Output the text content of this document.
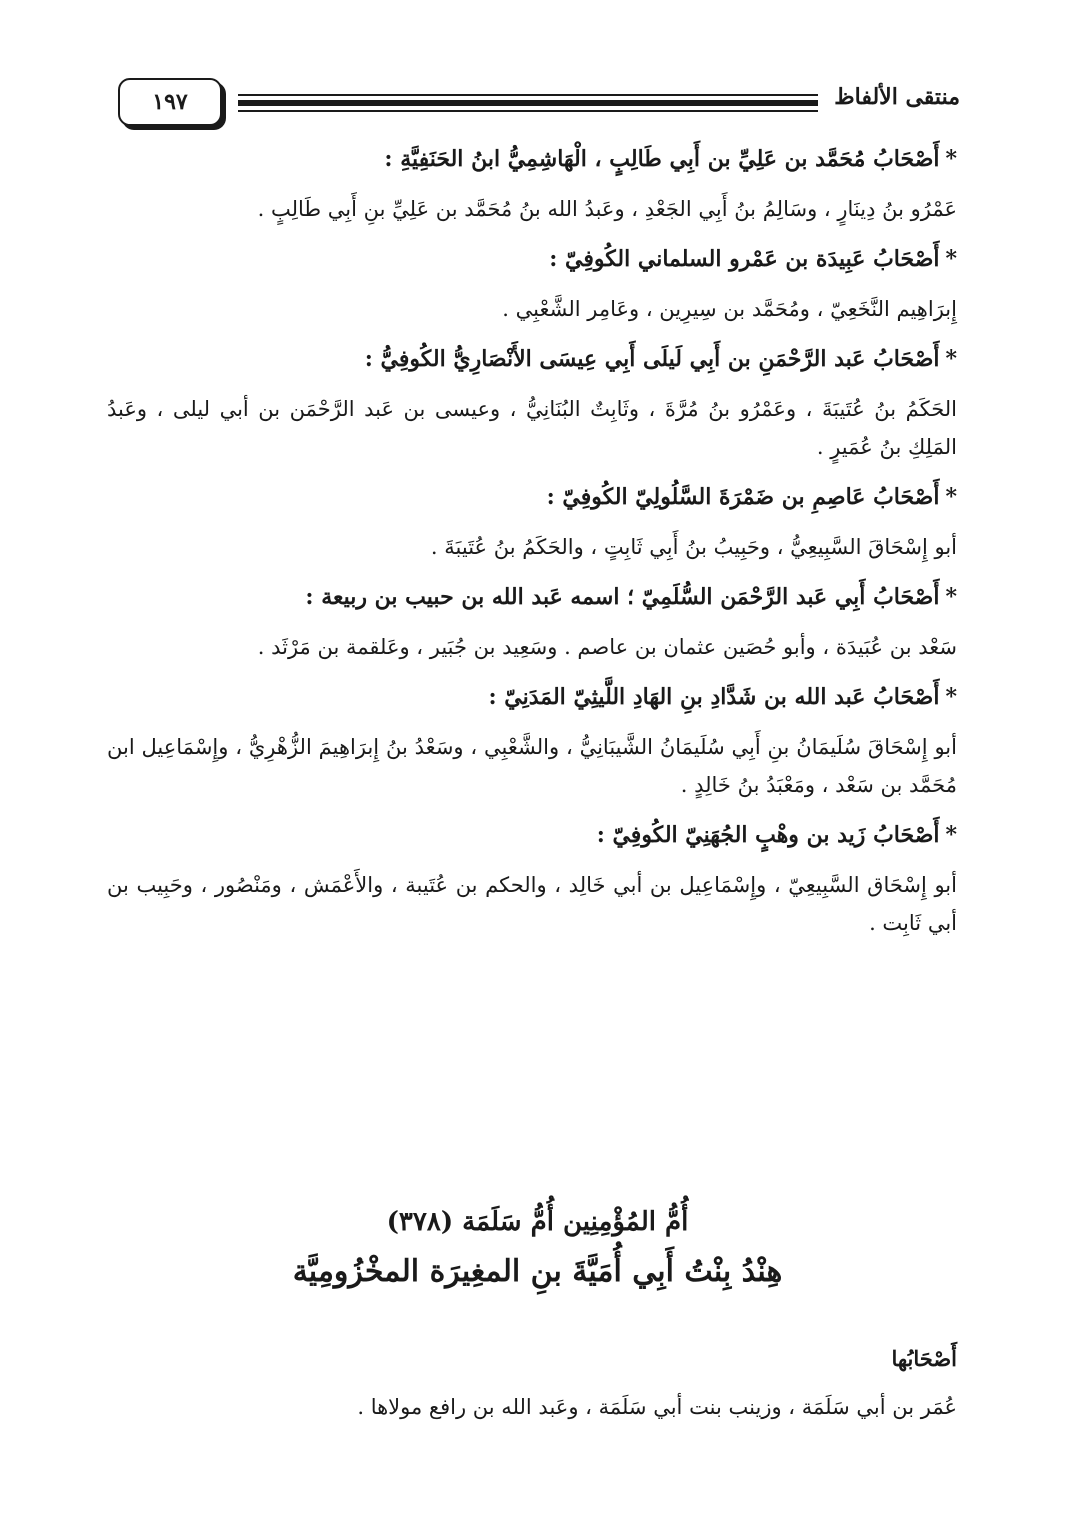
١٩٧	منتقى الألفاظ
*أَصْحَابُ مُحَمَّد بن عَلِيِّ بن أَبِي طَالِبٍ ، الْهَاشِمِيُّ ابنُ الحَنَفِيَّةِ :
عَمْرُو بنُ دِينَارٍ ، وسَالِمُ بنُ أَبِي الجَعْدِ ، وعَبدُ الله بنُ مُحَمَّد بن عَلِيِّ بنِ أَبِي طَالِبٍ .
*أَصْحَابُ عَبِيدَة بن عَمْرو السلماني الكُوفِيّ :
إِبرَاهِيم النَّخَعِيّ ، ومُحَمَّد بن سِيرِين ، وعَامِر الشَّعْبِي .
*أَصْحَابُ عَبد الرَّحْمَنِ بن أَبِي لَيلَى أَبِي عِيسَى الأَنْصَارِيُّ الكُوفِيُّ :
الحَكَمُ بنُ عُتَيبَةَ ، وعَمْرُو بنُ مُرَّةَ ، وثَابِتٌ البُنَانِيُّ ، وعيسى بن عَبد الرَّحْمَن بن أبي ليلى ، وعَبدُ المَلِكِ بنُ عُمَيرٍ .
*أَصْحَابُ عَاصِمِ بن ضَمْرَةَ السَّلُولِيّ الكُوفِيّ :
أبو إِسْحَاقَ السَّبِيعِيُّ ، وحَبِيبُ بنُ أَبِي ثَابِتٍ ، والحَكَمُ بنُ عُتَيبَةَ .
*أَصْحَابُ أَبِي عَبد الرَّحْمَن السُّلَمِيّ ؛ اسمه عَبد الله بن حبيب بن ربيعة :
سَعْد بن عُبَيدَة ، وأبو حُصَين عثمان بن عاصم . وسَعِيد بن جُبَير ، وعَلقمة بن مَرْثَد .
*أَصْحَابُ عَبد الله بن شَدَّادِ بنِ الهَادِ اللَّيثِيّ المَدَنِيّ :
أبو إِسْحَاقَ سُلَيمَانُ بنِ أَبِي سُلَيمَانُ الشَّيبَانِيُّ ، والشَّعْبِي ، وسَعْدُ بنُ إِبرَاهِيمَ الزُّهْرِيُّ ، وإِسْمَاعِيل ابن مُحَمَّد بن سَعْد ، ومَعْبَدُ بنُ خَالِدٍ .
*أَصْحَابُ زَيد بن وهْبٍ الجُهَنِيّ الكُوفِيّ :
أبو إِسْحَاق السَّبِيعِيّ ، وإِسْمَاعِيل بن أبي خَالِد ، والحكم بن عُتَيبة ، والأَعْمَش ، ومَنْصُور ، وحَبِيب بن أبي ثَابِت .
أُمُّ المُؤْمِنِين أُمُّ سَلَمَة (٣٧٨)
هِنْدُ بِنْتُ أَبِي أُمَيَّةَ بنِ المغِيرَة المخْزُومِيَّة
أَصْحَابُها
عُمَر بن أبي سَلَمَة ، وزينب بنت أبي سَلَمَة ، وعَبد الله بن رافع مولاها .
